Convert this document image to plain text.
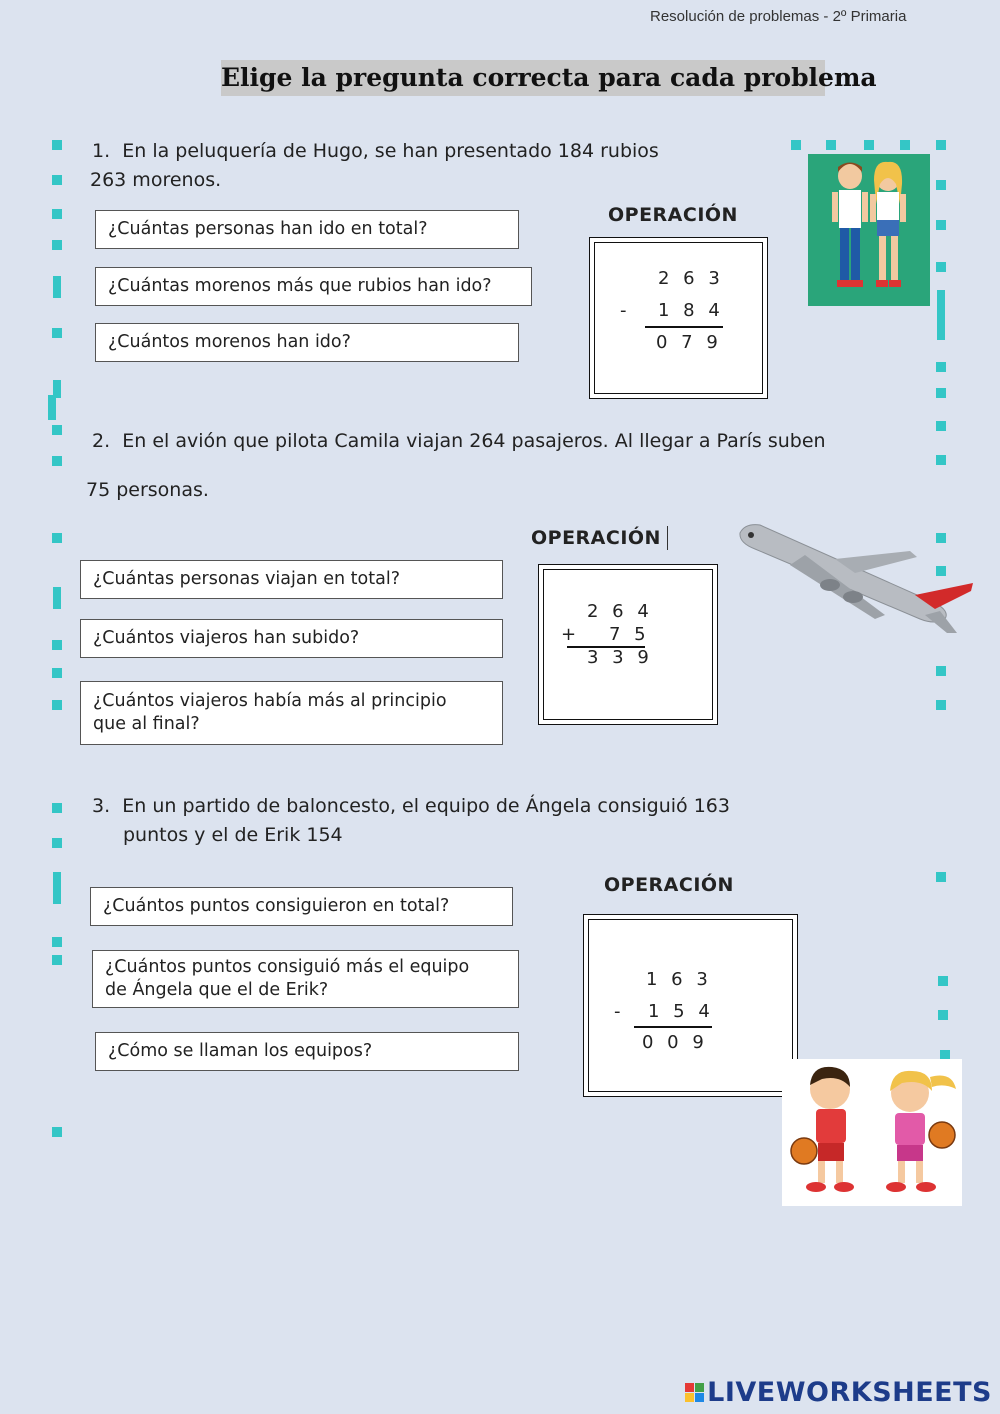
Resolución de problemas - 2º Primaria
Elige la pregunta correcta para cada problema
1. En la peluquería de Hugo, se han presentado 184 rubios
263 morenos.
¿Cuántas personas han ido en total?
¿Cuántas morenos más que rubios han ido?
¿Cuántos morenos han ido?
OPERACIÓN
2 6 3
- 1 8 4
0 7 9
2. En el avión que pilota Camila viajan 264 pasajeros. Al llegar a París suben
75 personas.
OPERACIÓN
¿Cuántas personas viajan en total?
¿Cuántos viajeros han subido?
¿Cuántos viajeros había más al principio
que al final?
2 6 4
+ 7 5
3 3 9
3. En un partido de baloncesto, el equipo de Ángela consiguió 163
puntos y el de Erik 154
OPERACIÓN
¿Cuántos puntos consiguieron en total?
¿Cuántos puntos consiguió más el equipo
de Ángela que el de Erik?
¿Cómo se llaman los equipos?
1 6 3
- 1 5 4
0 0 9
LIVEWORKSHEETS
